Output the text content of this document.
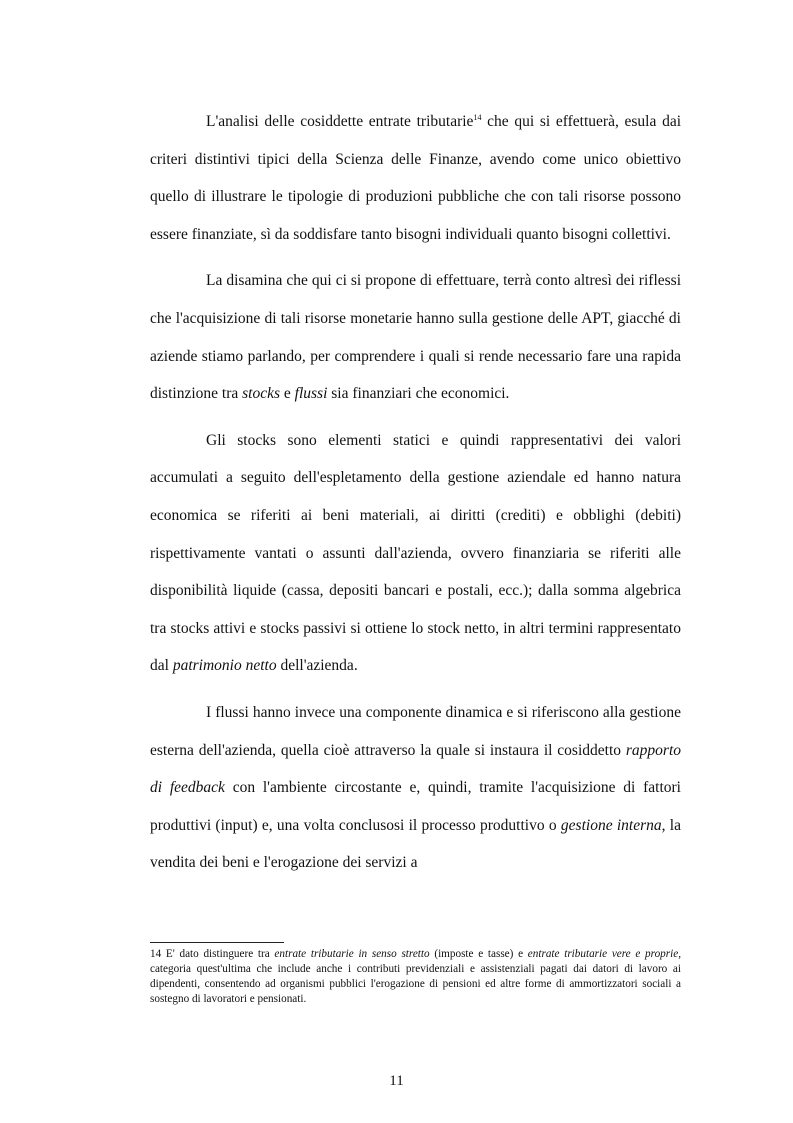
L'analisi delle cosiddette entrate tributarie$^{14}$ che qui si effettuerà, esula dai criteri distintivi tipici della Scienza delle Finanze, avendo come unico obiettivo quello di illustrare le tipologie di produzioni pubbliche che con tali risorse possono essere finanziate, sì da soddisfare tanto bisogni individuali quanto bisogni collettivi.

La disamina che qui ci si propone di effettuare, terrà conto altresì dei riflessi che l'acquisizione di tali risorse monetarie hanno sulla gestione delle APT, giacché di aziende stiamo parlando, per comprendere i quali si rende necessario fare una rapida distinzione tra stocks e flussi sia finanziari che economici.

Gli stocks sono elementi statici e quindi rappresentativi dei valori accumulati a seguito dell'espletamento della gestione aziendale ed hanno natura economica se riferiti ai beni materiali, ai diritti (crediti) e obblighi (debiti) rispettivamente vantati o assunti dall'azienda, ovvero finanziaria se riferiti alle disponibilità liquide (cassa, depositi bancari e postali, ecc.); dalla somma algebrica tra stocks attivi e stocks passivi si ottiene lo stock netto, in altri termini rappresentato dal patrimonio netto dell'azienda.

I flussi hanno invece una componente dinamica e si riferiscono alla gestione esterna dell'azienda, quella cioè attraverso la quale si instaura il cosiddetto rapporto di feedback con l'ambiente circostante e, quindi, tramite l'acquisizione di fattori produttivi (input) e, una volta conclusosi il processo produttivo o gestione interna, la vendita dei beni e l'erogazione dei servizi a

14 E' dato distinguere tra entrate tributarie in senso stretto (imposte e tasse) e entrate tributarie vere e proprie, categoria quest'ultima che include anche i contributi previdenziali e assistenziali pagati dai datori di lavoro ai dipendenti, consentendo ad organismi pubblici l'erogazione di pensioni ed altre forme di ammortizzatori sociali a sostegno di lavoratori e pensionati.
11
